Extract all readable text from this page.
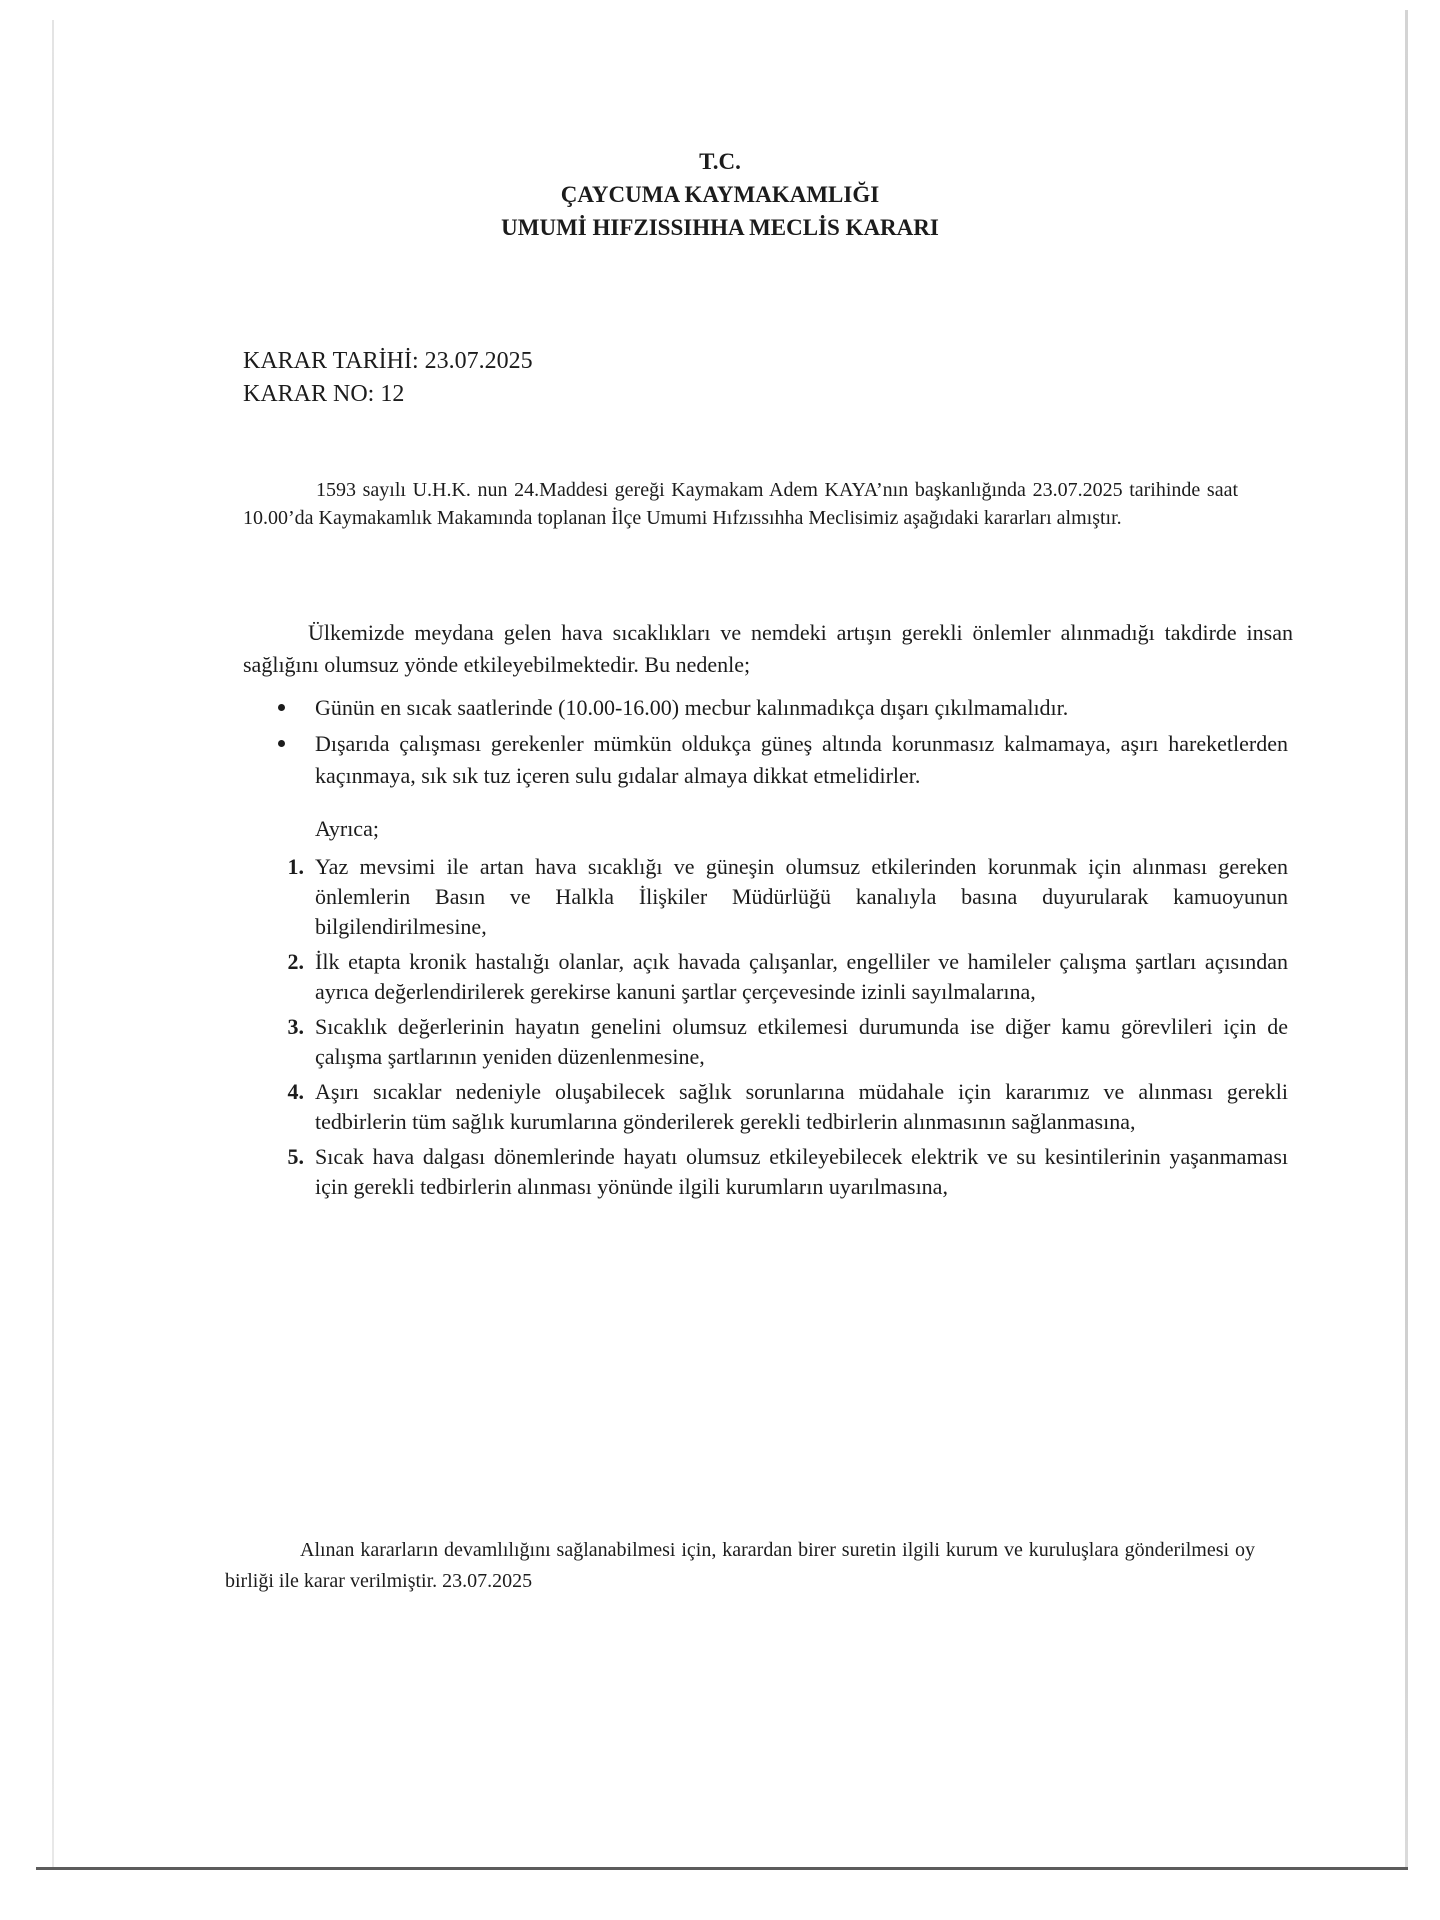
T.C.
ÇAYCUMA KAYMAKAMLIĞI
UMUMİ HIFZISSIHHA MECLİS KARARI
KARAR TARİHİ: 23.07.2025
KARAR NO: 12
1593 sayılı U.H.K. nun 24.Maddesi gereği Kaymakam Adem KAYA’nın başkanlığında 23.07.2025 tarihinde saat 10.00’da Kaymakamlık Makamında toplanan İlçe Umumi Hıfzıssıhha Meclisimiz aşağıdaki kararları almıştır.
Ülkemizde meydana gelen hava sıcaklıkları ve nemdeki artışın gerekli önlemler alınmadığı takdirde insan sağlığını olumsuz yönde etkileyebilmektedir. Bu nedenle;
Günün en sıcak saatlerinde (10.00-16.00) mecbur kalınmadıkça dışarı çıkılmamalıdır.
Dışarıda çalışması gerekenler mümkün oldukça güneş altında korunmasız kalmamaya, aşırı hareketlerden kaçınmaya, sık sık tuz içeren sulu gıdalar almaya dikkat etmelidirler.
Ayrıca;
1. Yaz mevsimi ile artan hava sıcaklığı ve güneşin olumsuz etkilerinden korunmak için alınması gereken önlemlerin Basın ve Halkla İlişkiler Müdürlüğü kanalıyla basına duyurularak kamuoyunun bilgilendirilmesine,
2. İlk etapta kronik hastalığı olanlar, açık havada çalışanlar, engelliler ve hamileler çalışma şartları açısından ayrıca değerlendirilerek gerekirse kanuni şartlar çerçevesinde izinli sayılmalarına,
3. Sıcaklık değerlerinin hayatın genelini olumsuz etkilemesi durumunda ise diğer kamu görevlileri için de çalışma şartlarının yeniden düzenlenmesine,
4. Aşırı sıcaklar nedeniyle oluşabilecek sağlık sorunlarına müdahale için kararımız ve alınması gerekli tedbirlerin tüm sağlık kurumlarına gönderilerek gerekli tedbirlerin alınmasının sağlanmasına,
5. Sıcak hava dalgası dönemlerinde hayatı olumsuz etkileyebilecek elektrik ve su kesintilerinin yaşanmaması için gerekli tedbirlerin alınması yönünde ilgili kurumların uyarılmasına,
Alınan kararların devamlılığını sağlanabilmesi için, karardan birer suretin ilgili kurum ve kuruluşlara gönderilmesi oy birliği ile karar verilmiştir. 23.07.2025
